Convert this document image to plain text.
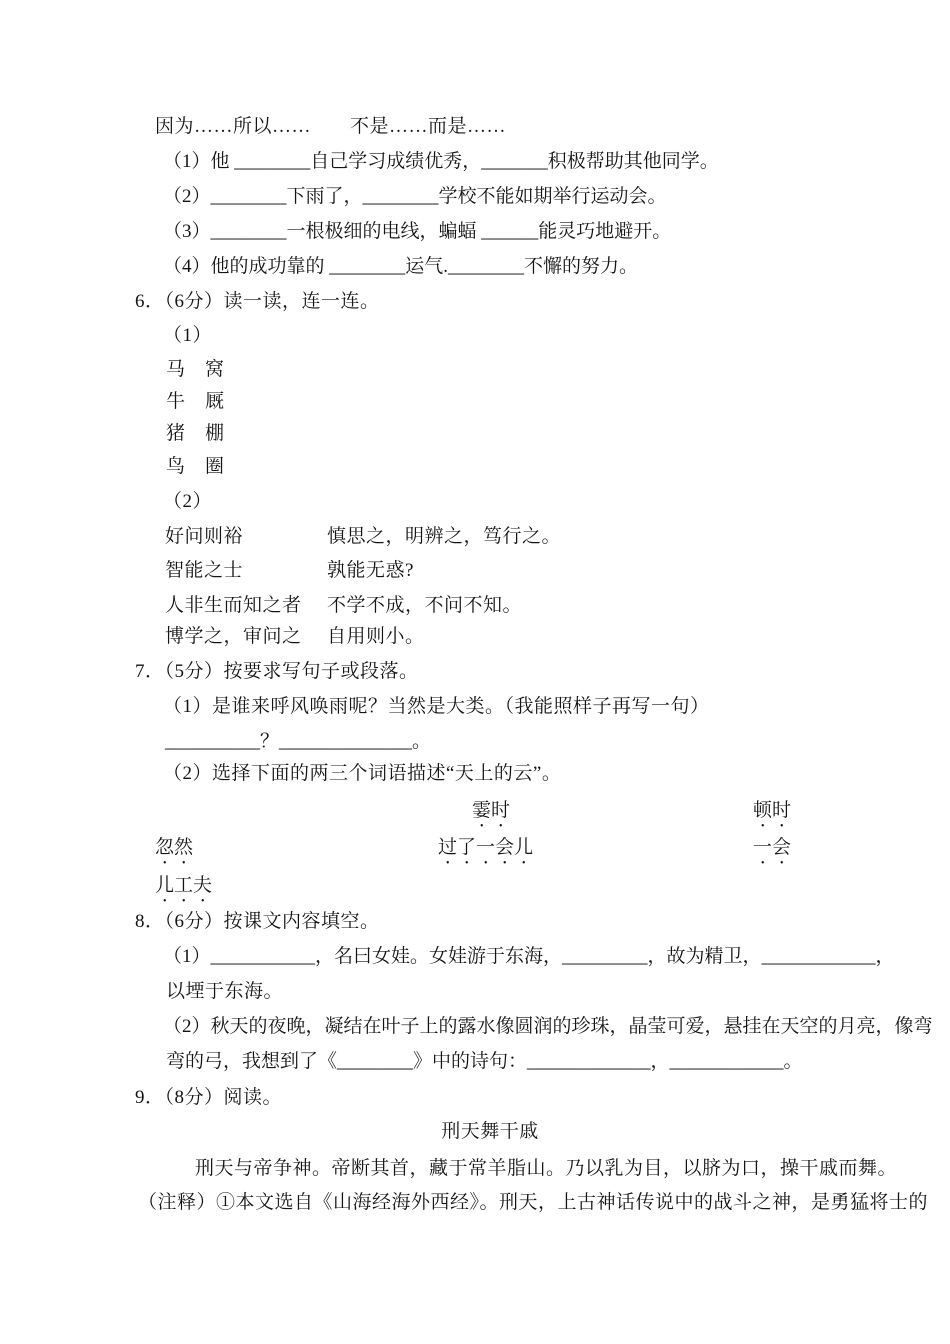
因为……所以……　　不是……而是……
（1）他 ________自己学习成绩优秀，_______积极帮助其他同学。
（2）________下雨了，________学校不能如期举行运动会。
（3）________一根极细的电线，蝙蝠 ______能灵巧地避开。
（4）他的成功靠的 ________运气.________不懈的努力。
6．（6分）读一读，连一连。
（1）
马　窝
牛　厩
猪　棚
鸟　圈
（2）
好问则裕	慎思之，明辨之，笃行之。
智能之士	孰能无惑?
人非生而知之者 不学不成，不问不知。
博学之，审问之 自用则小。
7．（5分）按要求写句子或段落。
（1）是谁来呼风唤雨呢？当然是大类。（我能照样子再写一句）
__________？______________。
（2）选择下面的两三个词语描述“天上的云”。
霎时	顿时
忽然	过了一会儿	一会
儿工夫
8．（6分）按课文内容填空。
（1）___________，名曰女娃。女娃游于东海，_________，故为精卫，____________，
以堙于东海。
（2）秋天的夜晚，凝结在叶子上的露水像圆润的珍珠，晶莹可爱，悬挂在天空的月亮，像弯
弯的弓，我想到了《________》中的诗句：_____________，____________。
9．（8分）阅读。
刑天舞干戚
刑天与帝争神。帝断其首，藏于常羊脂山。乃以乳为目，以脐为口，操干戚而舞。
（注释）①本文选自《山海经海外西经》。刑天，上古神话传说中的战斗之神，是勇猛将士的
